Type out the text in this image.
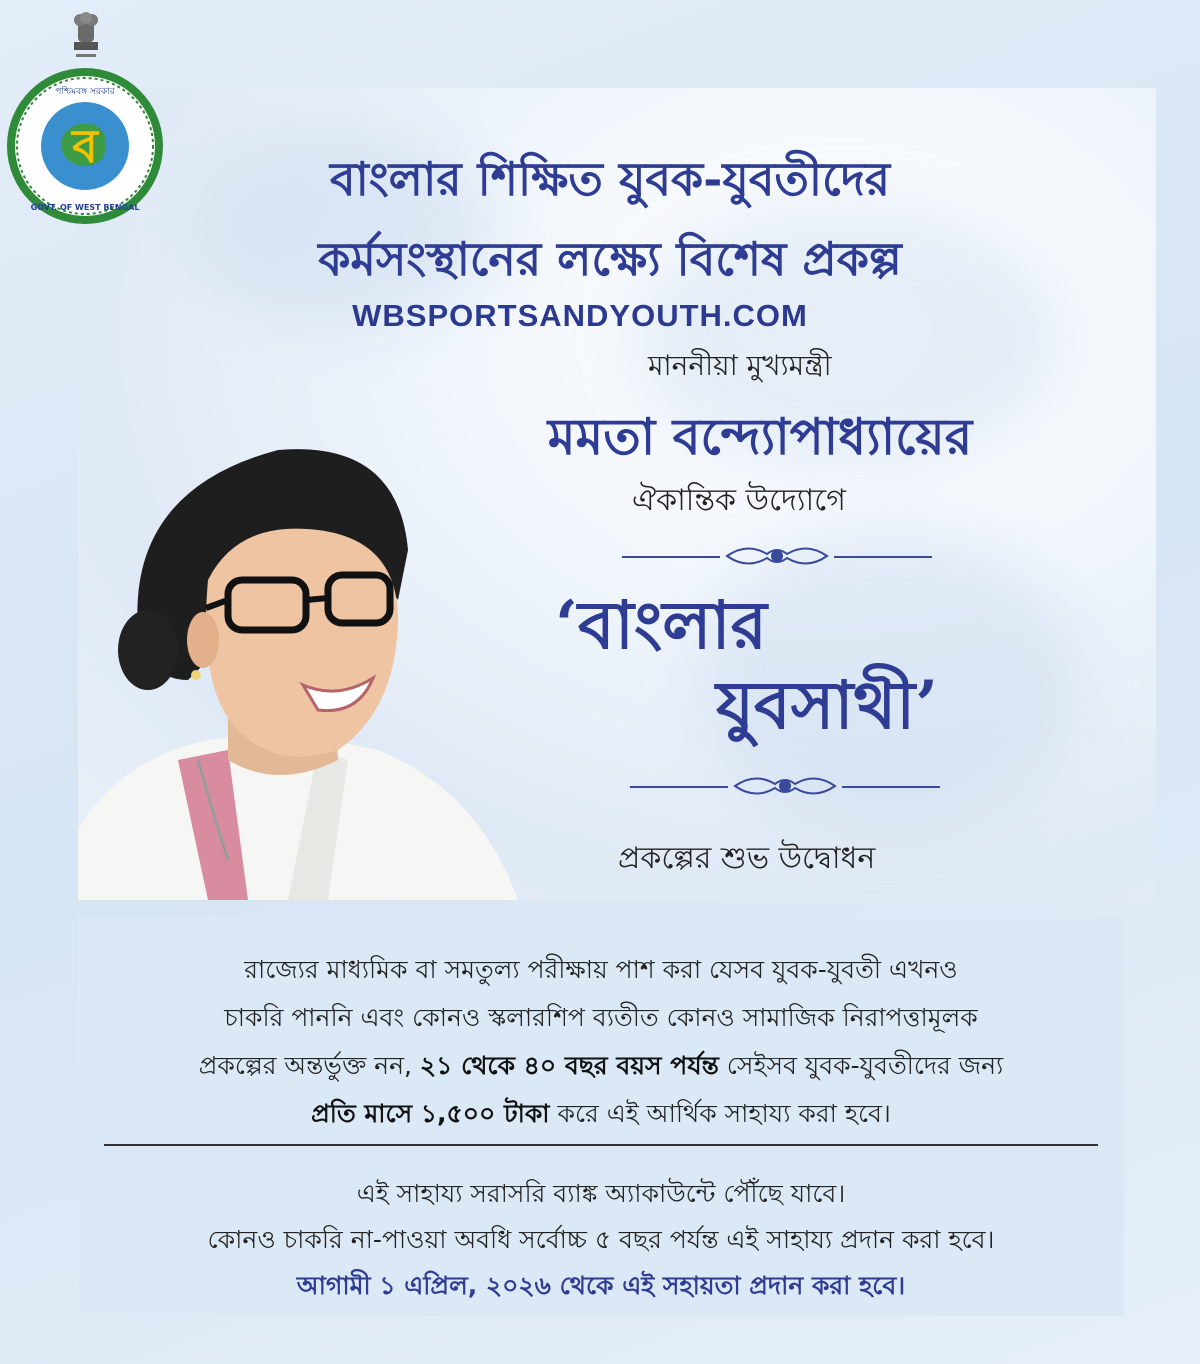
ব
পশ্চিমবঙ্গ সরকার
GOVT. OF WEST BENGAL
বাংলার শিক্ষিত যুবক-যুবতীদের
কর্মসংস্থানের লক্ষ্যে বিশেষ প্রকল্প
WBSPORTSANDYOUTH.COM
মাননীয়া মুখ্যমন্ত্রী
মমতা বন্দ্যোপাধ্যায়ের
ঐকান্তিক উদ্যোগে
‘বাংলার
যুবসাথী’
প্রকল্পের শুভ উদ্বোধন
রাজ্যের মাধ্যমিক বা সমতুল্য পরীক্ষায় পাশ করা যেসব যুবক-যুবতী এখনও
চাকরি পাননি এবং কোনও স্কলারশিপ ব্যতীত কোনও সামাজিক নিরাপত্তামূলক
প্রকল্পের অন্তর্ভুক্ত নন, ২১ থেকে ৪০ বছর বয়স পর্যন্ত সেইসব যুবক-যুবতীদের জন্য
প্রতি মাসে ১,৫০০ টাকা করে এই আর্থিক সাহায্য করা হবে।
এই সাহায্য সরাসরি ব্যাঙ্ক অ্যাকাউন্টে পৌঁছে যাবে।
কোনও চাকরি না-পাওয়া অবধি সর্বোচ্চ ৫ বছর পর্যন্ত এই সাহায্য প্রদান করা হবে।
আগামী ১ এপ্রিল, ২০২৬ থেকে এই সহায়তা প্রদান করা হবে।
